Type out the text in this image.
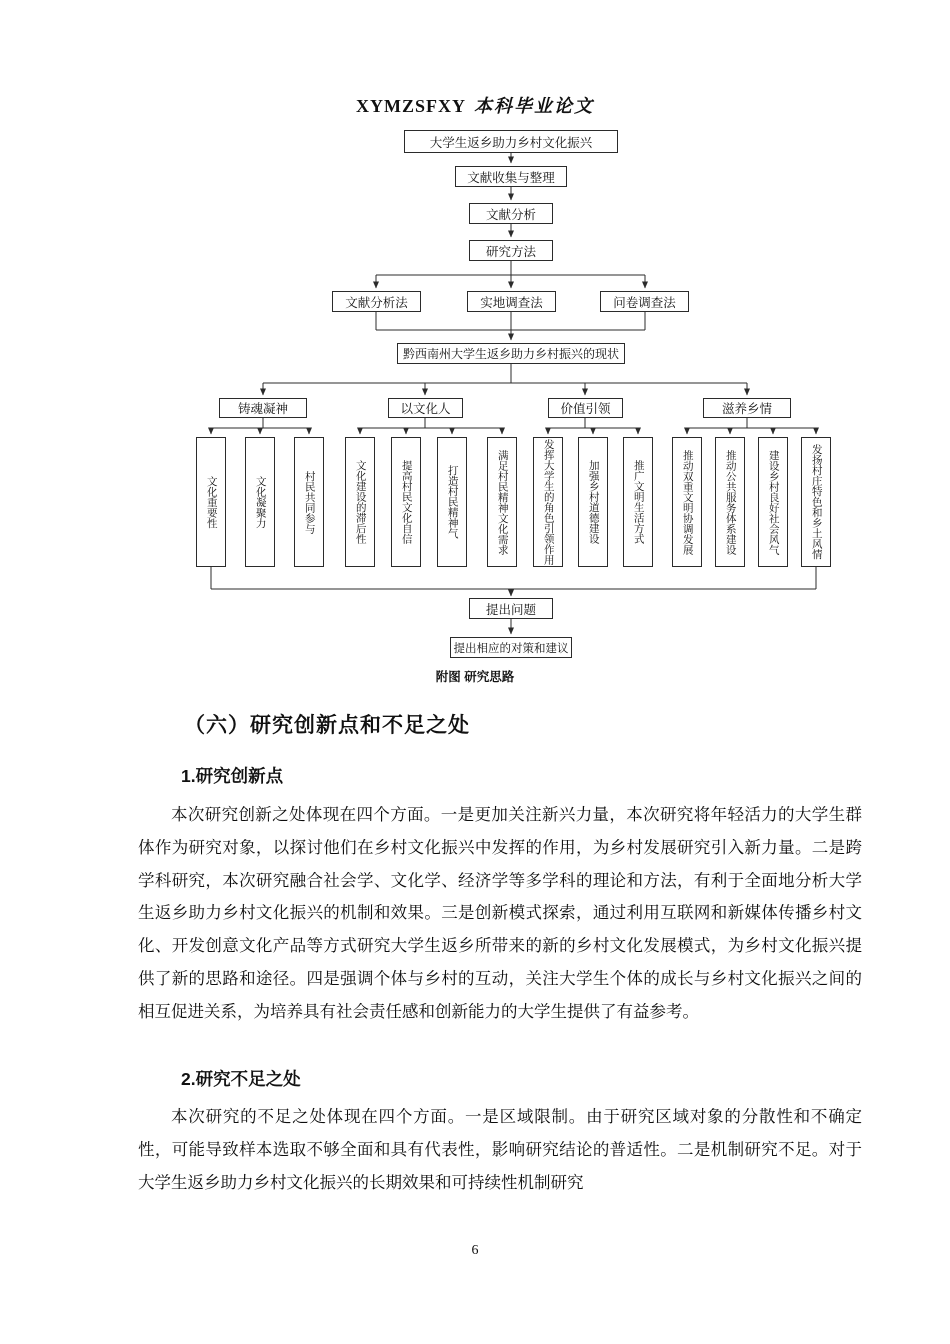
XYMZSFXY 本科毕业论文
大学生返乡助力乡村文化振兴
文献收集与整理
文献分析
研究方法
文献分析法	实地调查法	问卷调查法
黔西南州大学生返乡助力乡村振兴的现状
铸魂凝神	以文化人	价值引领	滋养乡情
文化重要性	文化凝聚力	村民共同参与	文化建设的滞后性	提高村民文化自信	打造村民精神气	满足村民精神文化需求	发挥大学生的角色引领作用	加强乡村道德建设	推广文明生活方式	推动双重文明协调发展	推动公共服务体系建设	建设乡村良好社会风气	发扬村庄特色和乡土风情
提出问题
提出相应的对策和建议
附图 研究思路
（六）研究创新点和不足之处
1.研究创新点

本次研究创新之处体现在四个方面。一是更加关注新兴力量，本次研究将年轻活力的大学生群体作为研究对象，以探讨他们在乡村文化振兴中发挥的作用，为乡村发展研究引入新力量。二是跨学科研究，本次研究融合社会学、文化学、经济学等多学科的理论和方法，有利于全面地分析大学生返乡助力乡村文化振兴的机制和效果。三是创新模式探索，通过利用互联网和新媒体传播乡村文化、开发创意文化产品等方式研究大学生返乡所带来的新的乡村文化发展模式，为乡村文化振兴提供了新的思路和途径。四是强调个体与乡村的互动，关注大学生个体的成长与乡村文化振兴之间的相互促进关系，为培养具有社会责任感和创新能力的大学生提供了有益参考。

2.研究不足之处

本次研究的不足之处体现在四个方面。一是区域限制。由于研究区域对象的分散性和不确定性，可能导致样本选取不够全面和具有代表性，影响研究结论的普适性。二是机制研究不足。对于大学生返乡助力乡村文化振兴的长期效果和可持续性机制研究

6
